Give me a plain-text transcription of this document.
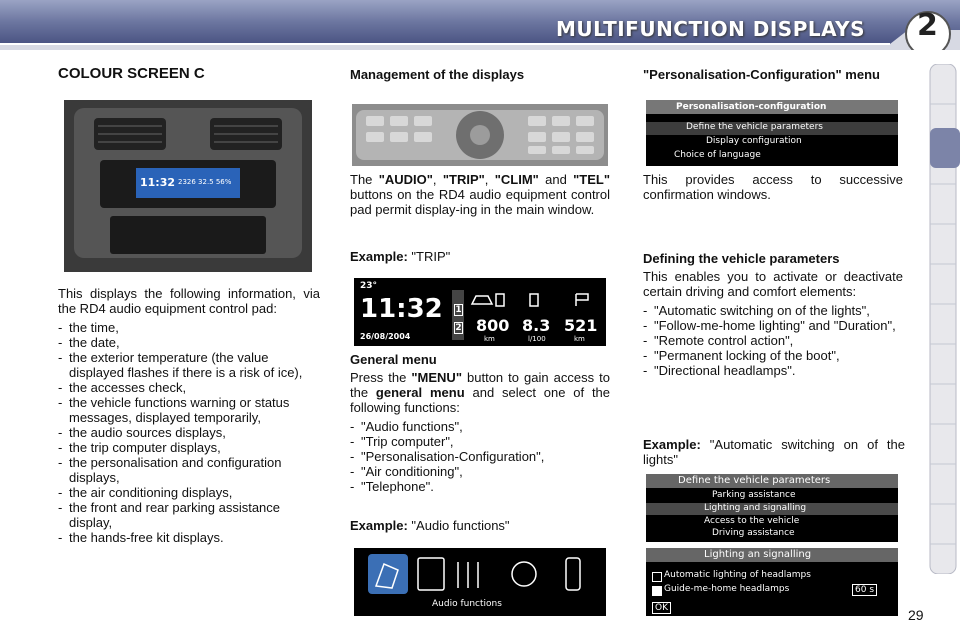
MULTIFUNCTION DISPLAYS 2
COLOUR SCREEN C
11:32 2326 32.5 56%

This displays the following information, via the RD4 audio equipment control pad:

- the time,
- the date,
- the exterior temperature (the value displayed flashes if there is a risk of ice),
- the accesses check,
- the vehicle functions warning or status messages, displayed temporarily,
- the audio sources displays,
- the trip computer displays,
- the personalisation and configuration displays,
- the air conditioning displays,
- the front and rear parking assistance display,
- the hands-free kit displays.
Management of the displays

The "AUDIO", "TRIP", "CLIM" and "TEL" buttons on the RD4 audio equipment control pad permit display-ing in the main window.

Example: "TRIP"
23°
11:32
26/08/2004
1
2 800
km
8.3
l/100
521
km
General menu

Press the "MENU" button to gain access to the general menu and select one of the following functions:

- "Audio functions",
- "Trip computer",
- "Personalisation-Configuration",
- "Air conditioning",
- "Telephone".
Example: "Audio functions"
Audio functions
"Personalisation-Configuration" menu
Personalisation-configuration
Define the vehicle parameters
Display configuration
Choice of language

This provides access to successive confirmation windows.

Defining the vehicle parameters

This enables you to activate or deactivate certain driving and comfort elements:

- "Automatic switching on of the lights",
- "Follow-me-home lighting" and "Duration",
- "Remote control action",
- "Permanent locking of the boot",
- "Directional headlamps".

Example: "Automatic switching on of the lights"

Define the vehicle parameters
Parking assistance
Lighting and signalling
Access to the vehicle
Driving assistance
Lighting an signalling
Automatic lighting of headlamps
Guide-me-home headlamps	60 s
OK	29
